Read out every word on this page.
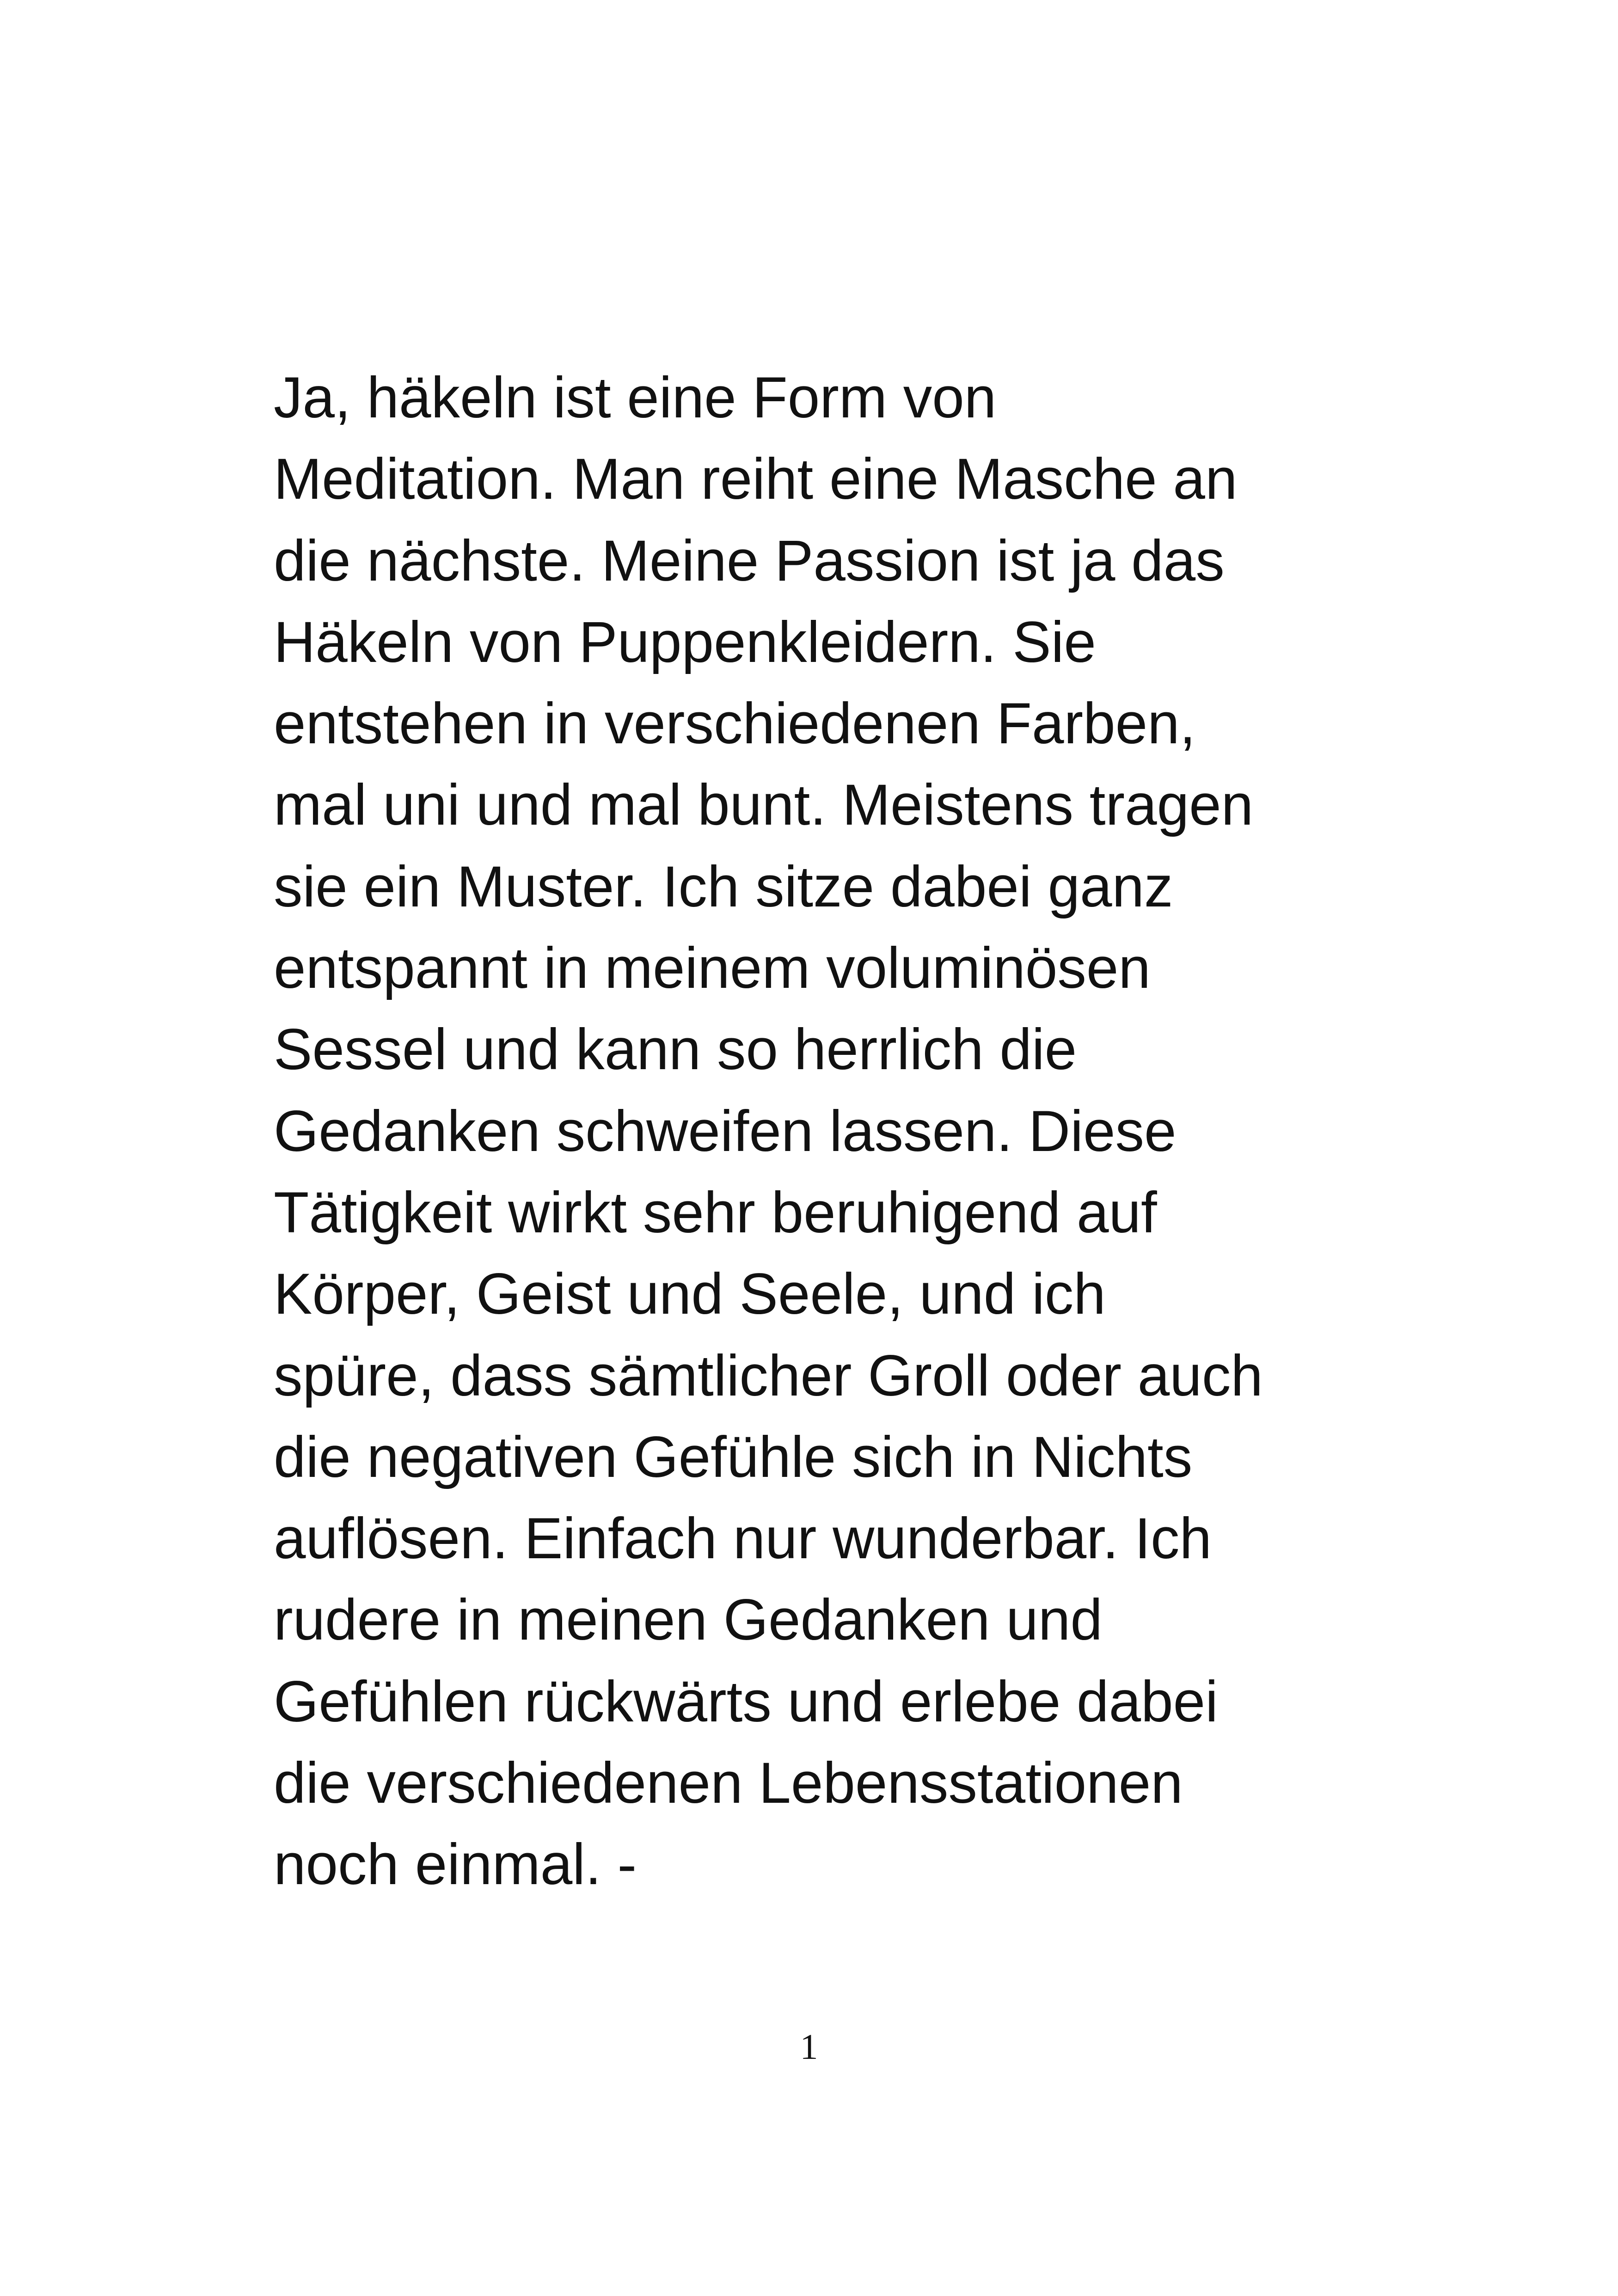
Ja, häkeln ist eine Form von
Meditation. Man reiht eine Masche an
die nächste. Meine Passion ist ja das
Häkeln von Puppenkleidern. Sie
entstehen in verschiedenen Farben,
mal uni und mal bunt. Meistens tragen
sie ein Muster. Ich sitze dabei ganz
entspannt in meinem voluminösen
Sessel und kann so herrlich die
Gedanken schweifen lassen. Diese
Tätigkeit wirkt sehr beruhigend auf
Körper, Geist und Seele, und ich
spüre, dass sämtlicher Groll oder auch
die negativen Gefühle sich in Nichts
auflösen. Einfach nur wunderbar. Ich
rudere in meinen Gedanken und
Gefühlen rückwärts und erlebe dabei
die verschiedenen Lebensstationen
noch einmal. -

1
